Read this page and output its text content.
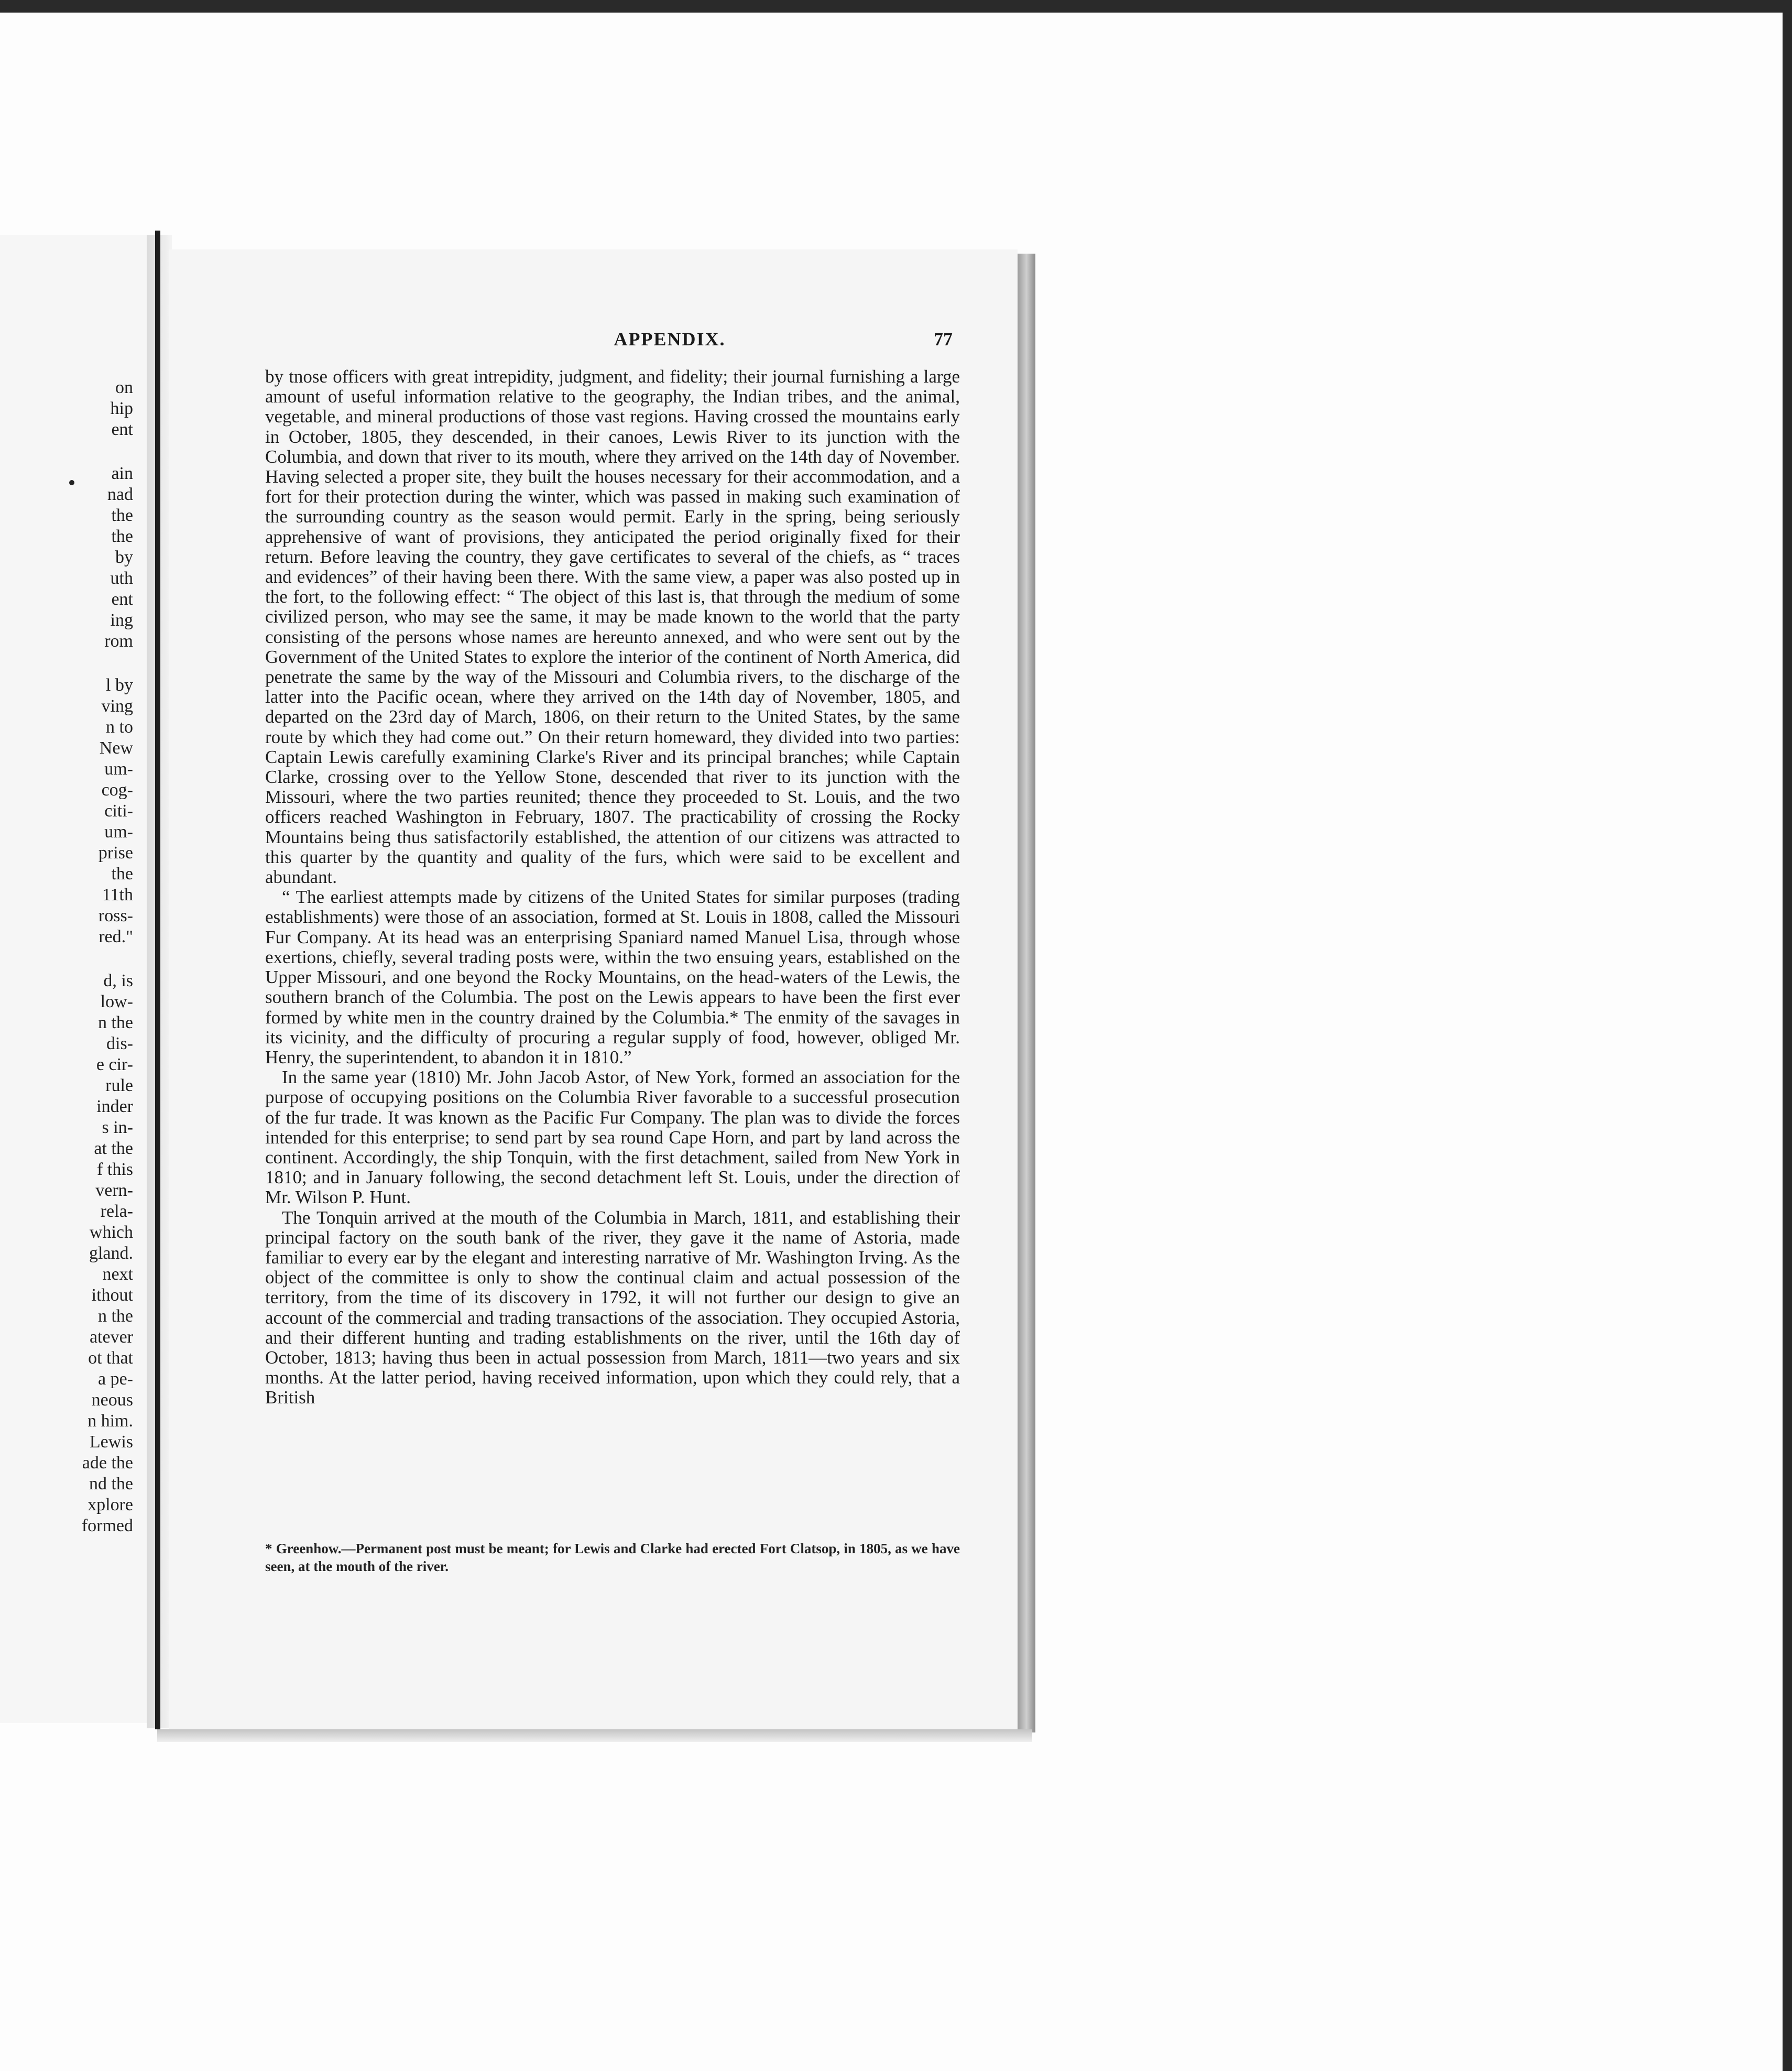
on
hip
ent
ain
nad
the
the
by
uth
ent
ing
rom
l by
ving
n to
New
um-
cog-
citi-
um-
prise
the
11th
ross-
red."
d, is
low-
n the
dis-
e cir-
rule
inder
s in-
at the
f this
vern-
rela-
which
gland.
next
ithout
n the
atever
ot that
a pe-
neous
n him.
Lewis
ade the
nd the
xplore
formed
APPENDIX.	77

by tnose officers with great intrepidity, judgment, and fidelity; their journal furnishing a large amount of useful information relative to the geography, the Indian tribes, and the animal, vegetable, and mineral productions of those vast regions. Having crossed the mountains early in October, 1805, they descended, in their canoes, Lewis River to its junction with the Columbia, and down that river to its mouth, where they arrived on the 14th day of November. Having selected a proper site, they built the houses necessary for their accommodation, and a fort for their protection during the winter, which was passed in making such examination of the surrounding country as the season would permit. Early in the spring, being seriously apprehensive of want of provisions, they anticipated the period originally fixed for their return. Before leaving the country, they gave certificates to several of the chiefs, as “ traces and evidences” of their having been there. With the same view, a paper was also posted up in the fort, to the following effect: “ The object of this last is, that through the medium of some civilized person, who may see the same, it may be made known to the world that the party consisting of the persons whose names are hereunto annexed, and who were sent out by the Government of the United States to explore the interior of the continent of North America, did penetrate the same by the way of the Missouri and Columbia rivers, to the discharge of the latter into the Pacific ocean, where they arrived on the 14th day of November, 1805, and departed on the 23rd day of March, 1806, on their return to the United States, by the same route by which they had come out.” On their return homeward, they divided into two parties: Captain Lewis carefully examining Clarke's River and its principal branches; while Captain Clarke, crossing over to the Yellow Stone, descended that river to its junction with the Missouri, where the two parties reunited; thence they proceeded to St. Louis, and the two officers reached Washington in February, 1807. The practicability of crossing the Rocky Mountains being thus satisfactorily established, the attention of our citizens was attracted to this quarter by the quantity and quality of the furs, which were said to be excellent and abundant.

“ The earliest attempts made by citizens of the United States for similar purposes (trading establishments) were those of an association, formed at St. Louis in 1808, called the Missouri Fur Company. At its head was an enterprising Spaniard named Manuel Lisa, through whose exertions, chiefly, several trading posts were, within the two ensuing years, established on the Upper Missouri, and one beyond the Rocky Mountains, on the head-waters of the Lewis, the southern branch of the Columbia. The post on the Lewis appears to have been the first ever formed by white men in the country drained by the Columbia.* The enmity of the savages in its vicinity, and the difficulty of procuring a regular supply of food, however, obliged Mr. Henry, the superintendent, to abandon it in 1810.”

In the same year (1810) Mr. John Jacob Astor, of New York, formed an association for the purpose of occupying positions on the Columbia River favorable to a successful prosecution of the fur trade. It was known as the Pacific Fur Company. The plan was to divide the forces intended for this enterprise; to send part by sea round Cape Horn, and part by land across the continent. Accordingly, the ship Tonquin, with the first detachment, sailed from New York in 1810; and in January following, the second detachment left St. Louis, under the direction of Mr. Wilson P. Hunt.

The Tonquin arrived at the mouth of the Columbia in March, 1811, and establishing their principal factory on the south bank of the river, they gave it the name of Astoria, made familiar to every ear by the elegant and interesting narrative of Mr. Washington Irving. As the object of the committee is only to show the continual claim and actual possession of the territory, from the time of its discovery in 1792, it will not further our design to give an account of the commercial and trading transactions of the association. They occupied Astoria, and their different hunting and trading establishments on the river, until the 16th day of October, 1813; having thus been in actual possession from March, 1811—two years and six months. At the latter period, having received information, upon which they could rely, that a British

* Greenhow.—Permanent post must be meant; for Lewis and Clarke had erected Fort Clatsop, in 1805, as we have seen, at the mouth of the river.
